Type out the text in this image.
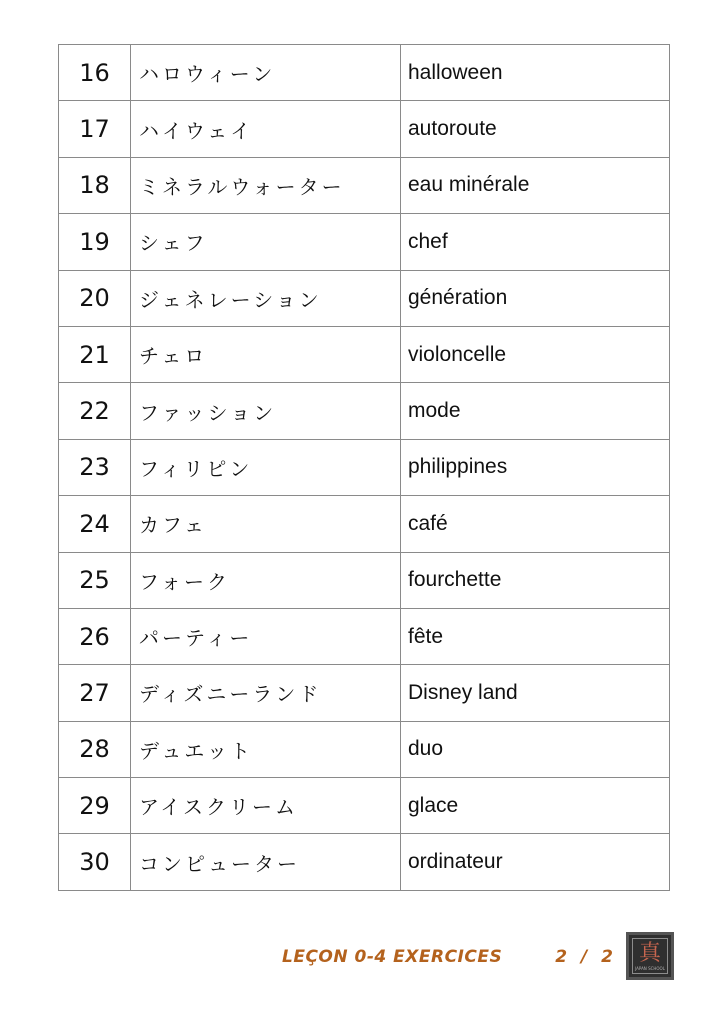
16	ハロウィーン	halloween
17	ハイウェイ	autoroute
18	ミネラルウォーター	eau minérale
19	シェフ	chef
20	ジェネレーション	génération
21	チェロ	violoncelle
22	ファッション	mode
23	フィリピン	philippines
24	カフェ	café
25	フォーク	fourchette
26	パーティー	fête
27	ディズニーランド	Disney land
28	デュエット	duo
29	アイスクリーム	glace
30	コンピューター	ordinateur
LEÇON 0-4 EXERCICES	2 / 2 真
JAPAN SCHOOL
